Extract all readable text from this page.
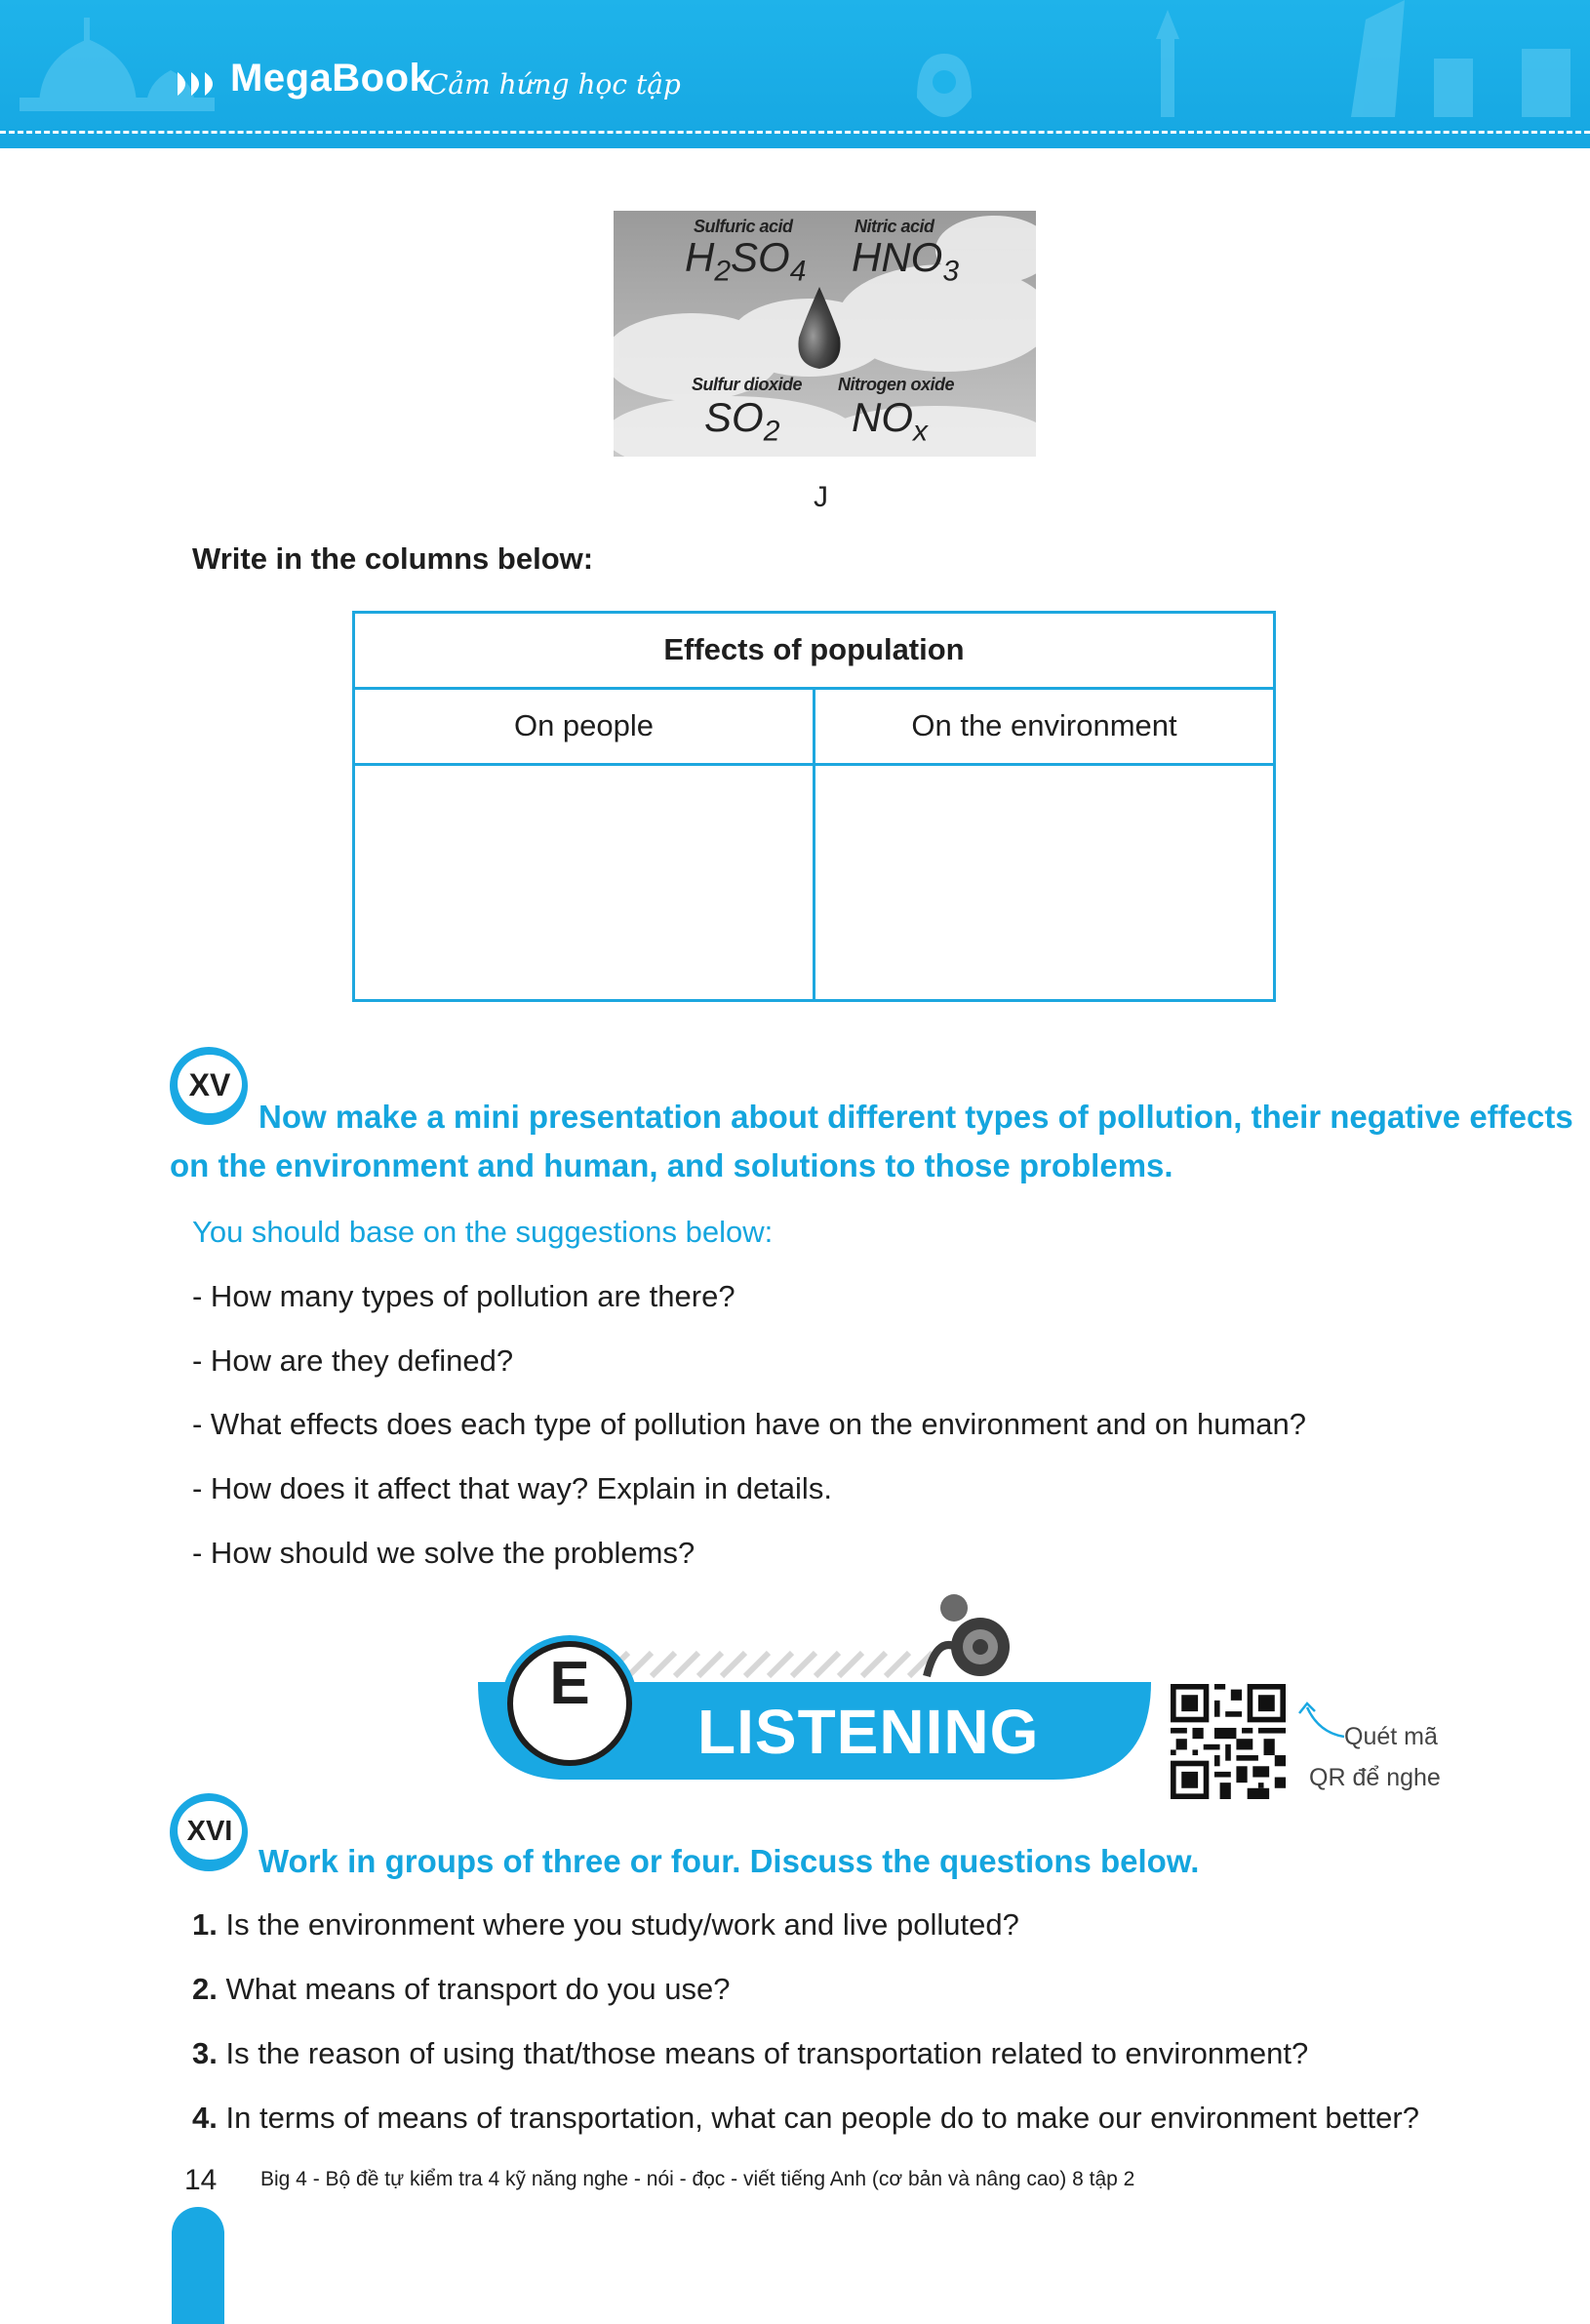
MegaBook
Cảm hứng học tập
Sulfuric acid	Nitric acid
$H_2SO_4$ $HNO_3$
Sulfur dioxide Nitrogen oxide
$SO_2$ $NO_x$
J
Write in the columns below:
Effects of population	
On people	On the environment

XV
Now make a mini presentation about different types of pollution, their negative effects
on the environment and human, and solutions to those problems.
You should base on the suggestions below:
- How many types of pollution are there?
- How are they defined?
- What effects does each type of pollution have on the environment and on human?
- How does it affect that way? Explain in details.
- How should we solve the problems?
E
LISTENING	Quét mã
QR để nghe
XVI
Work in groups of three or four. Discuss the questions below.
1. Is the environment where you study/work and live polluted?
2. What means of transport do you use?
3. Is the reason of using that/those means of transportation related to environment?
4. In terms of means of transportation, what can people do to make our environment better?
14 Big 4 - Bộ đề tự kiểm tra 4 kỹ năng nghe - nói - đọc - viết tiếng Anh (cơ bản và nâng cao) 8 tập 2
